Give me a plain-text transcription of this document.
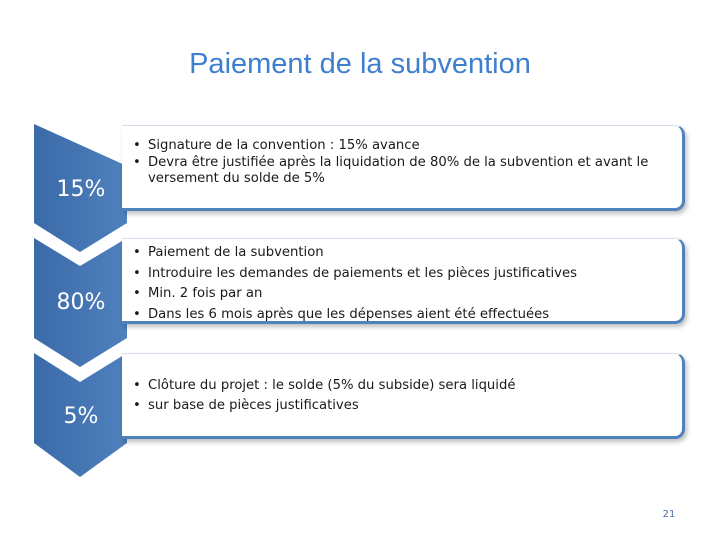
Paiement de la subvention
15%
80%
5%
• Signature de la convention : 15% avance
• Devra être justifiée après la liquidation de 80% de la subvention et avant le versement du solde de 5%
• Paiement de la subvention
• Introduire les demandes de paiements et les pièces justificatives
• Min. 2 fois par an
• Dans les 6 mois après que les dépenses aient été effectuées
• Clôture du projet : le solde (5% du subside) sera liquidé
• sur base de pièces justificatives
21
